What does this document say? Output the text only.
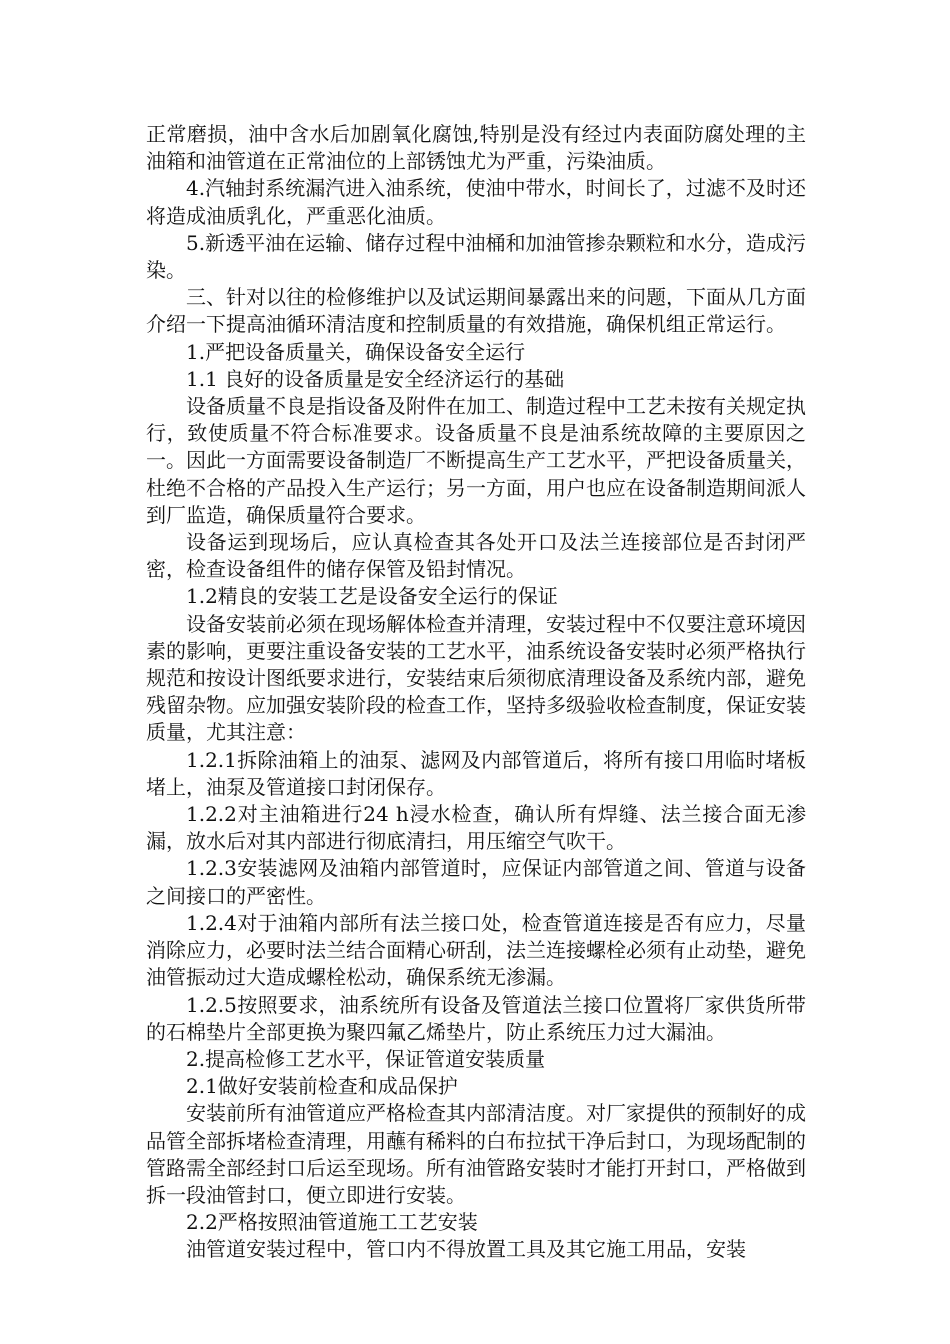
正常磨损，油中含水后加剧氧化腐蚀,特别是没有经过内表面防腐处理的主油箱和油管道在正常油位的上部锈蚀尤为严重，污染油质。

4.汽轴封系统漏汽进入油系统，使油中带水，时间长了，过滤不及时还将造成油质乳化，严重恶化油质。

5.新透平油在运输、储存过程中油桶和加油管掺杂颗粒和水分，造成污染。

三、针对以往的检修维护以及试运期间暴露出来的问题，下面从几方面介绍一下提高油循环清洁度和控制质量的有效措施，确保机组正常运行。

1.严把设备质量关，确保设备安全运行

1.1 良好的设备质量是安全经济运行的基础

设备质量不良是指设备及附件在加工、制造过程中工艺未按有关规定执行，致使质量不符合标准要求。设备质量不良是油系统故障的主要原因之一。因此一方面需要设备制造厂不断提高生产工艺水平，严把设备质量关，杜绝不合格的产品投入生产运行；另一方面，用户也应在设备制造期间派人到厂监造，确保质量符合要求。

设备运到现场后，应认真检查其各处开口及法兰连接部位是否封闭严密，检查设备组件的储存保管及铅封情况。

1.2精良的安装工艺是设备安全运行的保证

设备安装前必须在现场解体检查并清理，安装过程中不仅要注意环境因素的影响，更要注重设备安装的工艺水平，油系统设备安装时必须严格执行规范和按设计图纸要求进行，安装结束后须彻底清理设备及系统内部，避免残留杂物。应加强安装阶段的检查工作，坚持多级验收检查制度，保证安装质量，尤其注意：

1.2.1拆除油箱上的油泵、滤网及内部管道后，将所有接口用临时堵板堵上，油泵及管道接口封闭保存。

1.2.2对主油箱进行24 h浸水检查，确认所有焊缝、法兰接合面无渗漏，放水后对其内部进行彻底清扫，用压缩空气吹干。

1.2.3安装滤网及油箱内部管道时，应保证内部管道之间、管道与设备之间接口的严密性。

1.2.4对于油箱内部所有法兰接口处，检查管道连接是否有应力，尽量消除应力，必要时法兰结合面精心研刮，法兰连接螺栓必须有止动垫，避免油管振动过大造成螺栓松动，确保系统无渗漏。

1.2.5按照要求，油系统所有设备及管道法兰接口位置将厂家供货所带的石棉垫片全部更换为聚四氟乙烯垫片，防止系统压力过大漏油。

2.提高检修工艺水平，保证管道安装质量

2.1做好安装前检查和成品保护

安装前所有油管道应严格检查其内部清洁度。对厂家提供的预制好的成品管全部拆堵检查清理，用蘸有稀料的白布拉拭干净后封口，为现场配制的管路需全部经封口后运至现场。所有油管路安装时才能打开封口，严格做到拆一段油管封口，便立即进行安装。

2.2严格按照油管道施工工艺安装

油管道安装过程中，管口内不得放置工具及其它施工用品，安装
